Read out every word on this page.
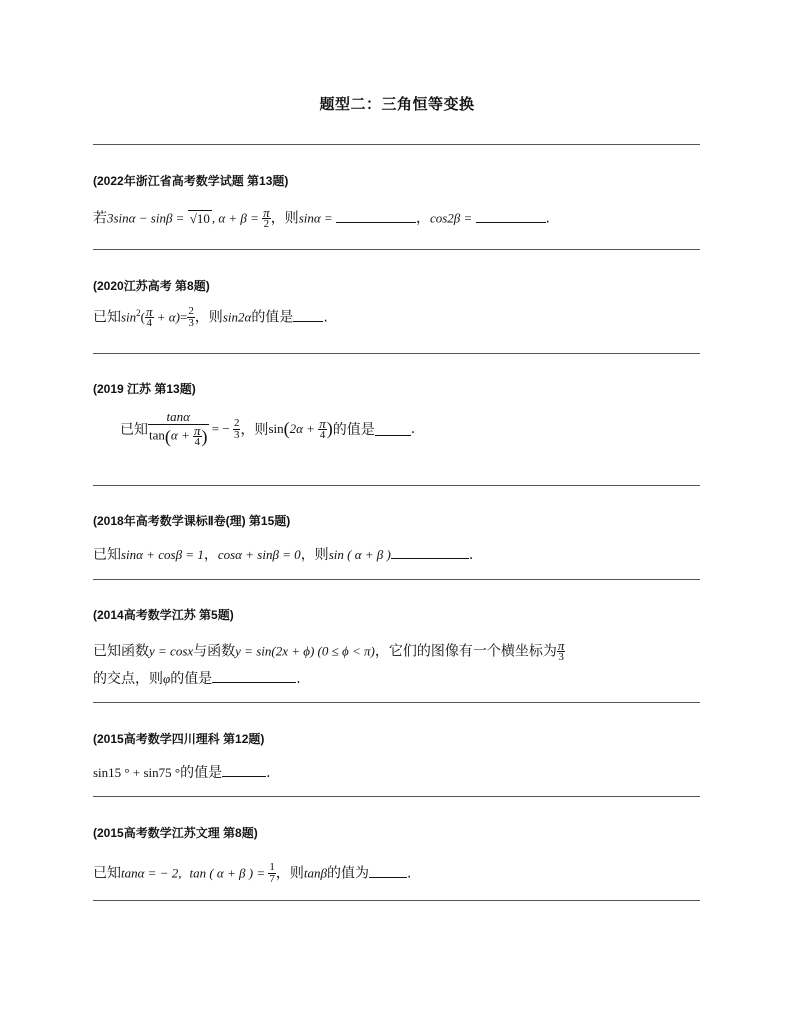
题型二：三角恒等变换
(2022年浙江省高考数学试题 第13题)
若3sinα − sinβ = √10 , $\alpha + \beta = \frac{\pi}{2}$ ，则sinα =	，cos2β =	.
(2020江苏高考 第8题)
已知$\sin^2( \frac{\pi}{4} + \alpha)= \frac{2}{3}$ ，则sin2α的值是 .
(2019 江苏 第13题)
已知 $\frac{\tan\alpha}{\tan(\alpha + \frac{\pi}{4} )}$ = − $\frac{2}{3}$ ，则$\sin(2\alpha + \frac{\pi}{4}$ )的值是	.
(2018年高考数学课标Ⅱ卷(理) 第15题)
已知sinα + cosβ = 1，cosα + sinβ = 0，则sin ( α + β )	.
(2014高考数学江苏 第5题)
已知函数y = cosx与函数y = sin(2x + ϕ) (0 ≤ ϕ < π)，它们的图像有一个横坐标为 $\frac{\pi}{3}$
的交点，则φ的值是	.
(2015高考数学四川理科 第12题)
sin15 ° + sin75 °的值是	.
(2015高考数学江苏文理 第8题)
已知tanα = − 2, tan ( α + β ) = $\frac{1}{7}$ ，则tanβ的值为	.
